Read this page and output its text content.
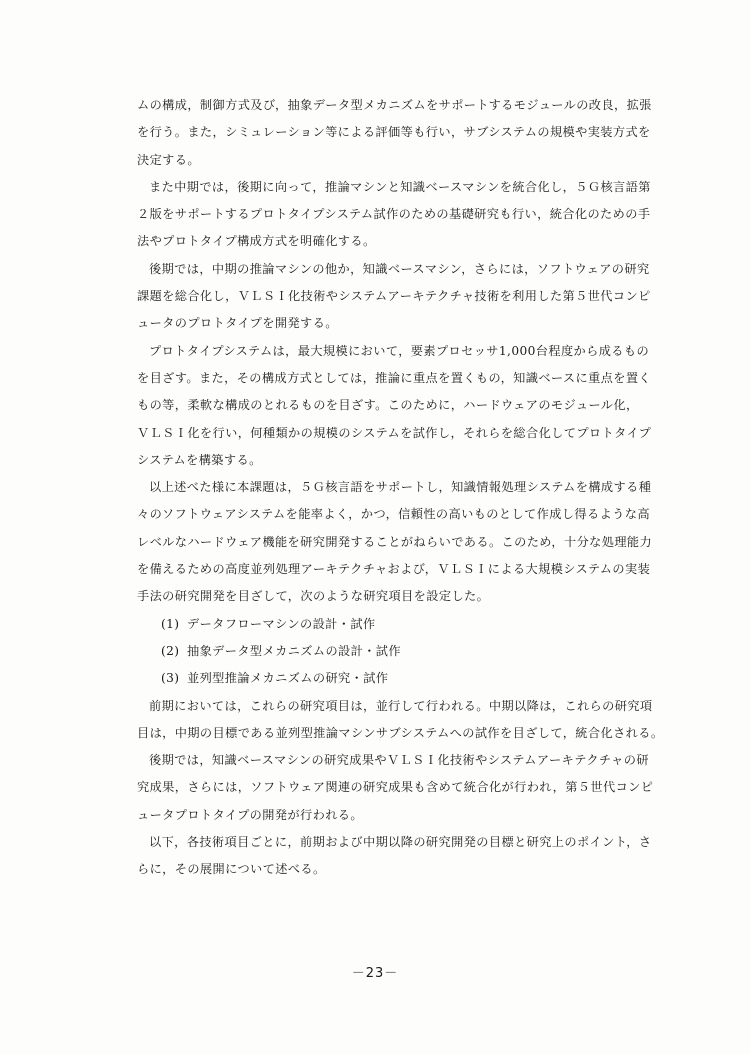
ムの構成，制御方式及び，抽象データ型メカニズムをサポートするモジュールの改良，拡張
を行う。また，シミュレーション等による評価等も行い，サブシステムの規模や実装方式を
決定する。

また中期では，後期に向って，推論マシンと知識ベースマシンを統合化し，５Ｇ核言語第
２版をサポートするプロトタイプシステム試作のための基礎研究も行い，統合化のための手
法やプロトタイプ構成方式を明確化する。

後期では，中期の推論マシンの他か，知識ベースマシン，さらには，ソフトウェアの研究
課題を総合化し，ＶＬＳＩ化技術やシステムアーキテクチャ技術を利用した第５世代コンピ
ュータのプロトタイプを開発する。

プロトタイプシステムは，最大規模において，要素プロセッサ1,000台程度から成るもの
を目ざす。また，その構成方式としては，推論に重点を置くもの，知識ベースに重点を置く
もの等，柔軟な構成のとれるものを目ざす。このために，ハードウェアのモジュール化，
ＶＬＳＩ化を行い，何種類かの規模のシステムを試作し，それらを総合化してプロトタイプ
システムを構築する。

以上述べた様に本課題は，５Ｇ核言語をサポートし，知識情報処理システムを構成する種
々のソフトウェアシステムを能率よく，かつ，信頼性の高いものとして作成し得るような高
レベルなハードウェア機能を研究開発することがねらいである。このため，十分な処理能力
を備えるための高度並列処理アーキテクチャおよび，ＶＬＳＩによる大規模システムの実装
手法の研究開発を目ざして，次のような研究項目を設定した。

(1) データフローマシンの設計・試作
(2) 抽象データ型メカニズムの設計・試作
(3) 並列型推論メカニズムの研究・試作

前期においては，これらの研究項目は，並行して行われる。中期以降は，これらの研究項
目は，中期の目標である並列型推論マシンサブシステムへの試作を目ざして，統合化される。

後期では，知識ベースマシンの研究成果やＶＬＳＩ化技術やシステムアーキテクチャの研
究成果，さらには，ソフトウェア関連の研究成果も含めて統合化が行われ，第５世代コンピ
ュータプロトタイプの開発が行われる。

以下，各技術項目ごとに，前期および中期以降の研究開発の目標と研究上のポイント，さ
らに，その展開について述べる。

－23－
